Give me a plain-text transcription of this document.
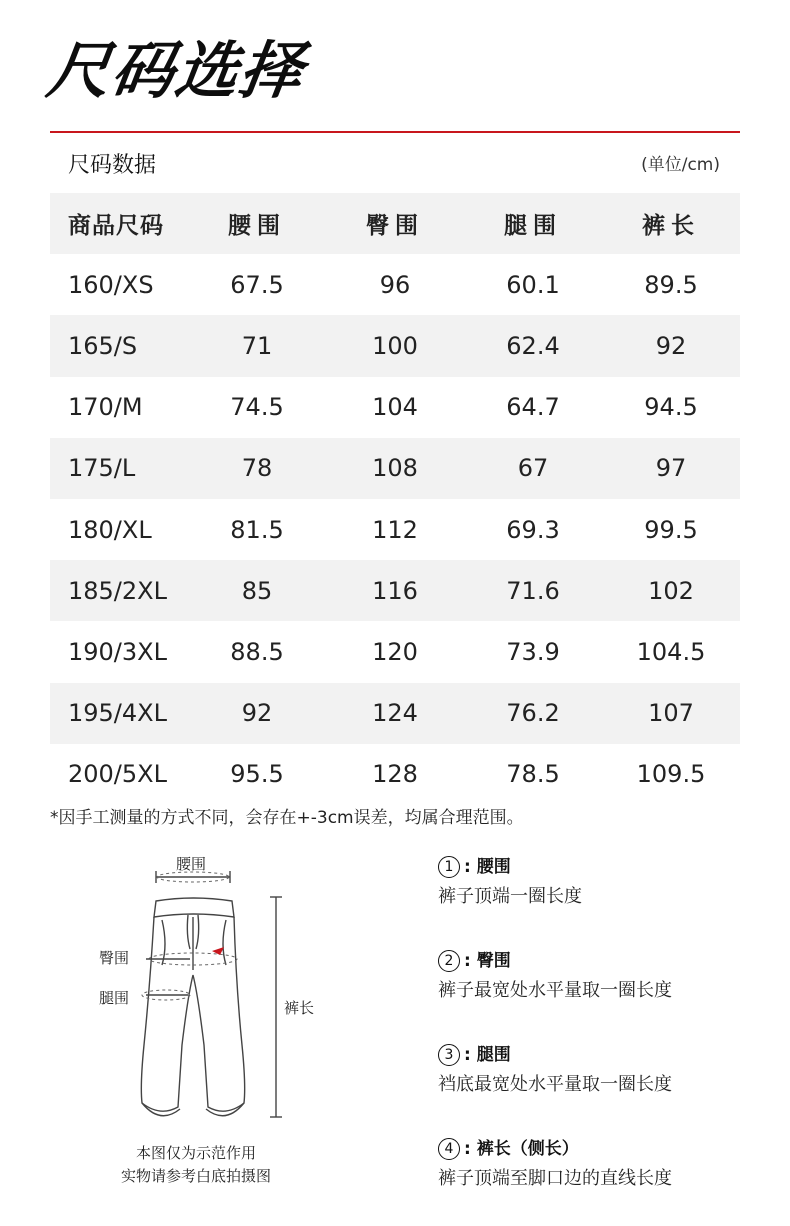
尺码选择
尺码数据	(单位/cm)
商品尺码	腰围	臀围	腿围	裤长
160/XS	67.5	96	60.1	89.5
165/S	71	100	62.4	92
170/M	74.5	104	64.7	94.5
175/L	78	108	67	97
180/XL	81.5	112	69.3	99.5
185/2XL	85	116	71.6	102
190/3XL	88.5	120	73.9	104.5
195/4XL	92	124	76.2	107
200/5XL	95.5	128	78.5	109.5
*因手工测量的方式不同，会存在+-3cm误差，均属合理范围。
腰围
臀围
腿围
裤长
本图仅为示范作用
实物请参考白底拍摄图
1 : 腰围
裤子顶端一圈长度
2 : 臀围
裤子最宽处水平量取一圈长度
3 : 腿围
裆底最宽处水平量取一圈长度
4 : 裤长（侧长）
裤子顶端至脚口边的直线长度
